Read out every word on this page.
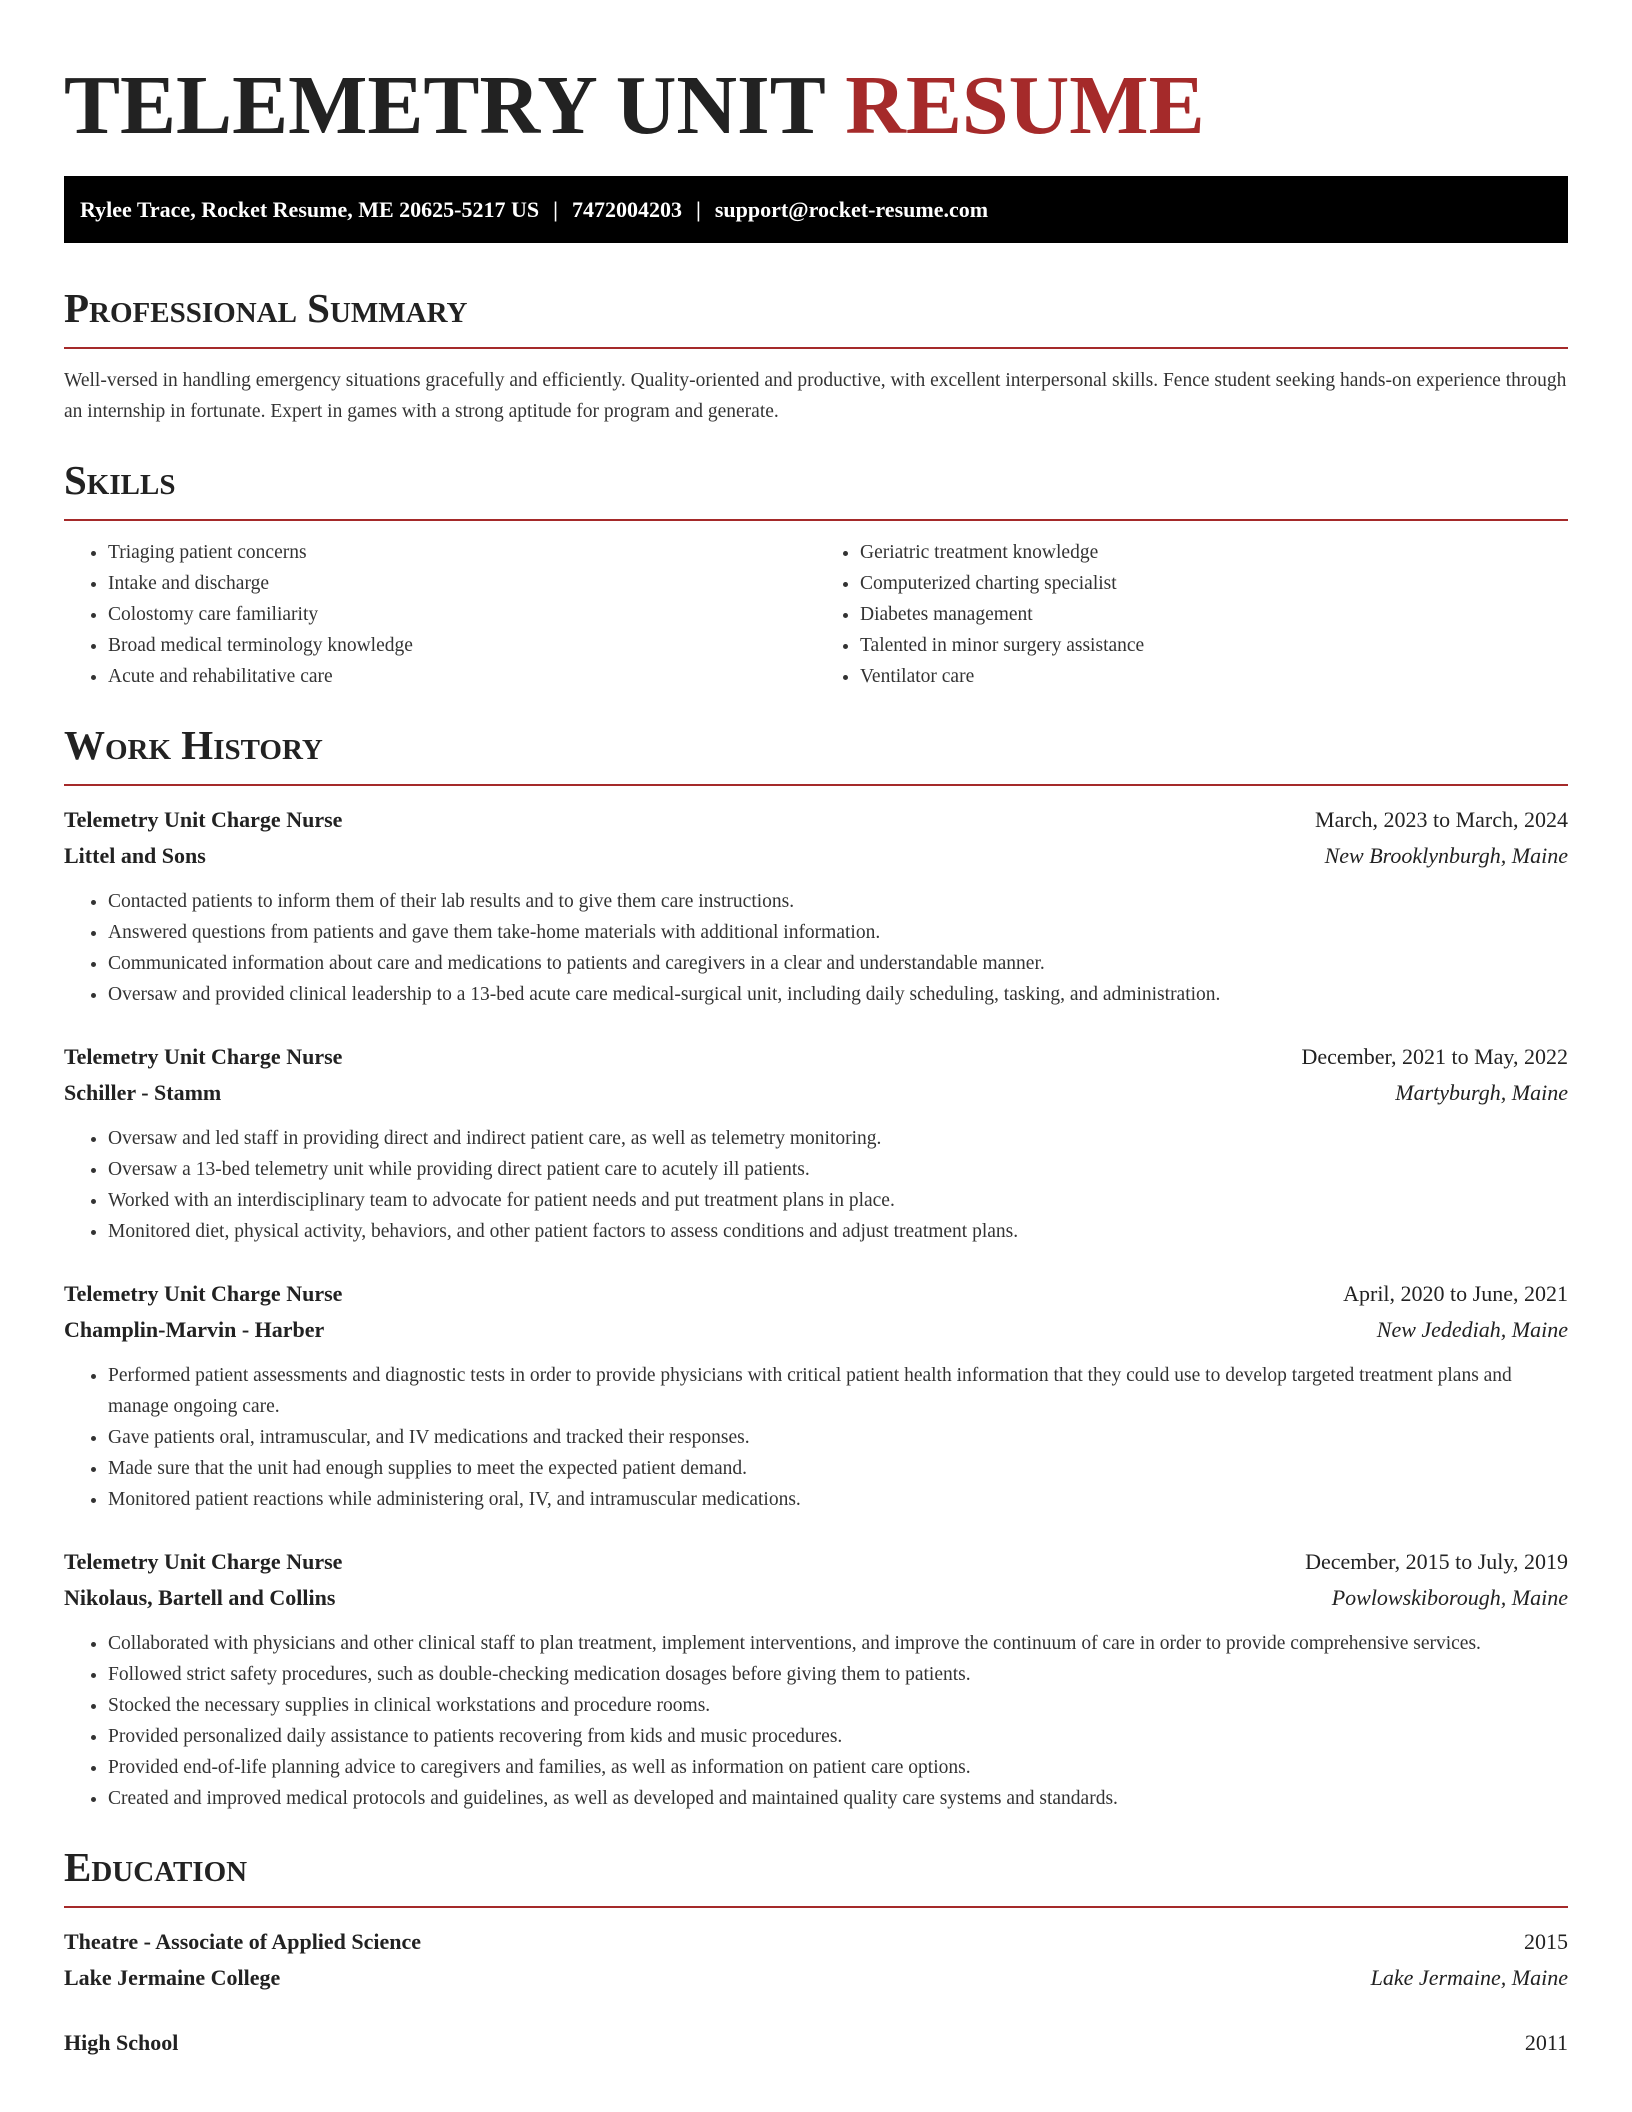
TELEMETRY UNIT RESUME
Rylee Trace, Rocket Resume, ME 20625-5217 US | 7472004203 | support@rocket-resume.com
Professional Summary

Well-versed in handling emergency situations gracefully and efficiently. Quality-oriented and productive, with excellent interpersonal skills. Fence student seeking hands-on experience through an internship in fortunate. Expert in games with a strong aptitude for program and generate.

Skills
• Triaging patient concerns
• Intake and discharge
• Colostomy care familiarity
• Broad medical terminology knowledge
• Acute and rehabilitative care
• Geriatric treatment knowledge
• Computerized charting specialist
• Diabetes management
• Talented in minor surgery assistance
• Ventilator care
Work History
Telemetry Unit Charge Nurse	March, 2023 to March, 2024
Littel and Sons	New Brooklynburgh, Maine
• Contacted patients to inform them of their lab results and to give them care instructions.
• Answered questions from patients and gave them take-home materials with additional information.
• Communicated information about care and medications to patients and caregivers in a clear and understandable manner.
• Oversaw and provided clinical leadership to a 13-bed acute care medical-surgical unit, including daily scheduling, tasking, and administration.
Telemetry Unit Charge Nurse	December, 2021 to May, 2022
Schiller - Stamm	Martyburgh, Maine
• Oversaw and led staff in providing direct and indirect patient care, as well as telemetry monitoring.
• Oversaw a 13-bed telemetry unit while providing direct patient care to acutely ill patients.
• Worked with an interdisciplinary team to advocate for patient needs and put treatment plans in place.
• Monitored diet, physical activity, behaviors, and other patient factors to assess conditions and adjust treatment plans.
Telemetry Unit Charge Nurse	April, 2020 to June, 2021
Champlin-Marvin - Harber	New Jedediah, Maine
• Performed patient assessments and diagnostic tests in order to provide physicians with critical patient health information that they could use to develop targeted treatment plans and manage ongoing care.
• Gave patients oral, intramuscular, and IV medications and tracked their responses.
• Made sure that the unit had enough supplies to meet the expected patient demand.
• Monitored patient reactions while administering oral, IV, and intramuscular medications.
Telemetry Unit Charge Nurse	December, 2015 to July, 2019
Nikolaus, Bartell and Collins	Powlowskiborough, Maine
• Collaborated with physicians and other clinical staff to plan treatment, implement interventions, and improve the continuum of care in order to provide comprehensive services.
• Followed strict safety procedures, such as double-checking medication dosages before giving them to patients.
• Stocked the necessary supplies in clinical workstations and procedure rooms.
• Provided personalized daily assistance to patients recovering from kids and music procedures.
• Provided end-of-life planning advice to caregivers and families, as well as information on patient care options.
• Created and improved medical protocols and guidelines, as well as developed and maintained quality care systems and standards.
Education
Theatre - Associate of Applied Science	2015
Lake Jermaine College	Lake Jermaine, Maine
High School	2011
